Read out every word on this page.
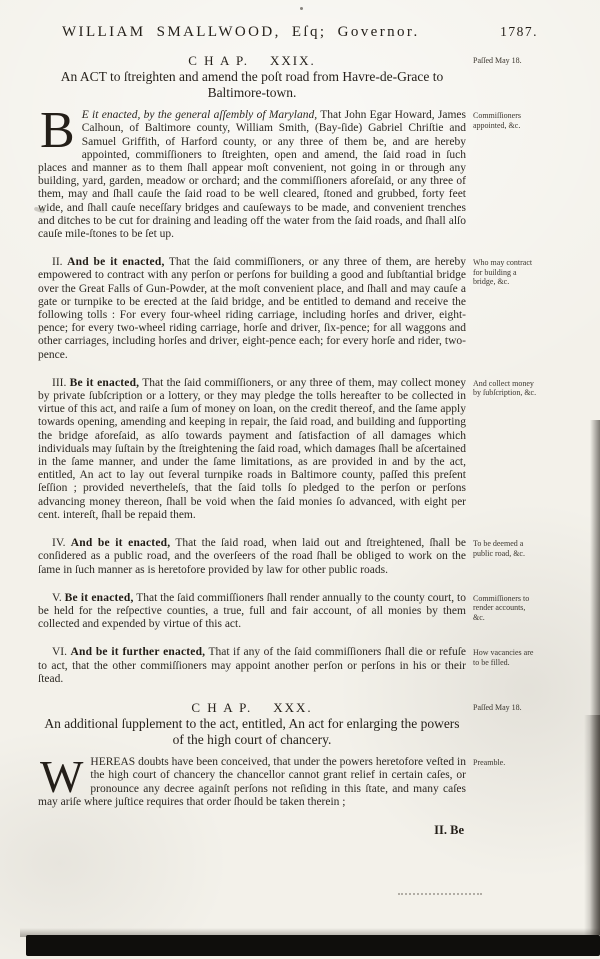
WILLIAM SMALLWOOD, Eſq; Governor.	1787.
C H A P.    XXIX.
An ACT to ſtreighten and amend the poſt road from Havre-de-Grace to Baltimore-town.
Paſſed May 18.
B E it enacted, by the general aſſembly of Maryland, That John Egar Howard, James Calhoun, of Baltimore county, William Smith, (Bay-ſide) Gabriel Chriſtie and Samuel Griffith, of Harford county, or any three of them be, and are hereby appointed, commiſſioners to ſtreighten, open and amend, the ſaid road in ſuch places and manner as to them ſhall appear moſt convenient, not going in or through any building, yard, garden, meadow or orchard; and the commiſſioners aforeſaid, or any three of them, may and ſhall cauſe the ſaid road to be well cleared, ſtoned and grubbed, forty feet wide, and ſhall cauſe neceſſary bridges and cauſeways to be made, and convenient trenches and ditches to be cut for draining and leading off the water from the ſaid roads, and ſhall alſo cauſe mile-ſtones to be ſet up.
Commiſſioners appointed, &c.
II. And be it enacted, That the ſaid commiſſioners, or any three of them, are hereby empowered to contract with any perſon or perſons for building a good and ſubſtantial bridge over the Great Falls of Gun-Powder, at the moſt convenient place, and ſhall and may cauſe a gate or turnpike to be erected at the ſaid bridge, and be entitled to demand and receive the following tolls : For every four-wheel riding carriage, including horſes and driver, eight-pence; for every two-wheel riding carriage, horſe and driver, ſix-pence; for all waggons and other carriages, including horſes and driver, eight-pence each; for every horſe and rider, two-pence.
Who may contract for building a bridge, &c.
III. Be it enacted, That the ſaid commiſſioners, or any three of them, may collect money by private ſubſcription or a lottery, or they may pledge the tolls hereafter to be collected in virtue of this act, and raiſe a ſum of money on loan, on the credit thereof, and the ſame apply towards opening, amending and keeping in repair, the ſaid road, and building and ſupporting the bridge aforeſaid, as alſo towards payment and ſatisfaction of all damages which individuals may ſuſtain by the ſtreightening the ſaid road, which damages ſhall be aſcertained in the ſame manner, and under the ſame limitations, as are provided in and by the act, entitled, An act to lay out ſeveral turnpike roads in Baltimore county, paſſed this preſent ſeſſion ; provided nevertheleſs, that the ſaid tolls ſo pledged to the perſon or perſons advancing money thereon, ſhall be void when the ſaid monies ſo advanced, with eight per cent. intereſt, ſhall be repaid them.
And collect money by ſubſcription, &c.
IV. And be it enacted, That the ſaid road, when laid out and ſtreightened, ſhall be conſidered as a public road, and the overſeers of the road ſhall be obliged to work on the ſame in ſuch manner as is heretofore provided by law for other public roads.
To be deemed a public road, &c.
V. Be it enacted, That the ſaid commiſſioners ſhall render annually to the county court, to be held for the reſpective counties, a true, full and fair account, of all monies by them collected and expended by virtue of this act.
Commiſſioners to render accounts, &c.
VI. And be it further enacted, That if any of the ſaid commiſſioners ſhall die or refuſe to act, that the other commiſſioners may appoint another perſon or perſons in his or their ſtead.
How vacancies are to be filled.
C H A P.    XXX.
An additional ſupplement to the act, entitled, An act for enlarging the powers of the high court of chancery.
Paſſed May 18.
WHEREAS doubts have been conceived, that under the powers heretofore veſted in the high court of chancery the chancellor cannot grant relief in certain caſes, or pronounce any decree againſt perſons not reſiding in this ſtate, and many caſes may ariſe where juſtice requires that order ſhould be taken therein ;
Preamble.
II. Be
